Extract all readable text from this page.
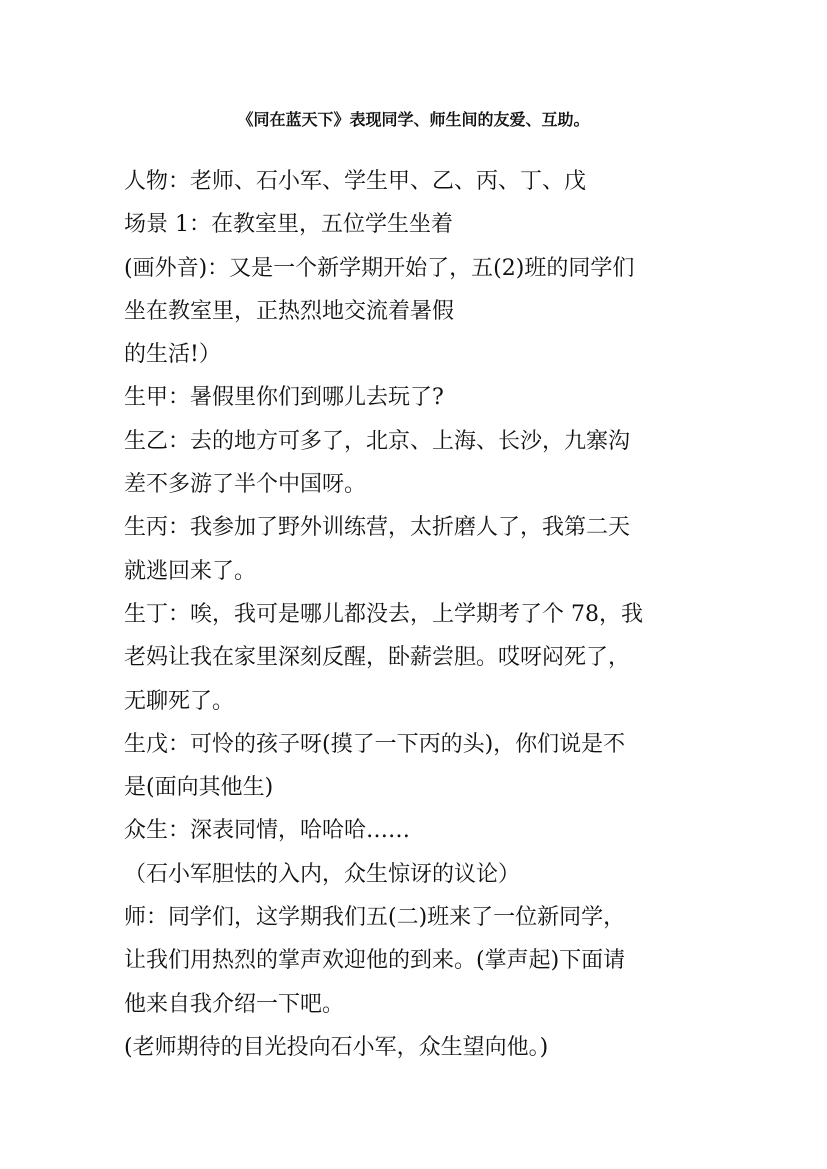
《同在蓝天下》表现同学、师生间的友爱、互助。
人物：老师、石小军、学生甲、乙、丙、丁、戊
场景 1：在教室里，五位学生坐着
(画外音)：又是一个新学期开始了，五(2)班的同学们
坐在教室里，正热烈地交流着暑假
的生活!）
生甲：暑假里你们到哪儿去玩了?
生乙：去的地方可多了，北京、上海、长沙，九寨沟
差不多游了半个中国呀。
生丙：我参加了野外训练营，太折磨人了，我第二天
就逃回来了。
生丁：唉，我可是哪儿都没去，上学期考了个 78，我
老妈让我在家里深刻反醒，卧薪尝胆。哎呀闷死了，
无聊死了。
生戊：可怜的孩子呀(摸了一下丙的头)，你们说是不
是(面向其他生)
众生：深表同情，哈哈哈……
（石小军胆怯的入内，众生惊讶的议论）
师：同学们，这学期我们五(二)班来了一位新同学，
让我们用热烈的掌声欢迎他的到来。(掌声起)下面请
他来自我介绍一下吧。
(老师期待的目光投向石小军，众生望向他。)
